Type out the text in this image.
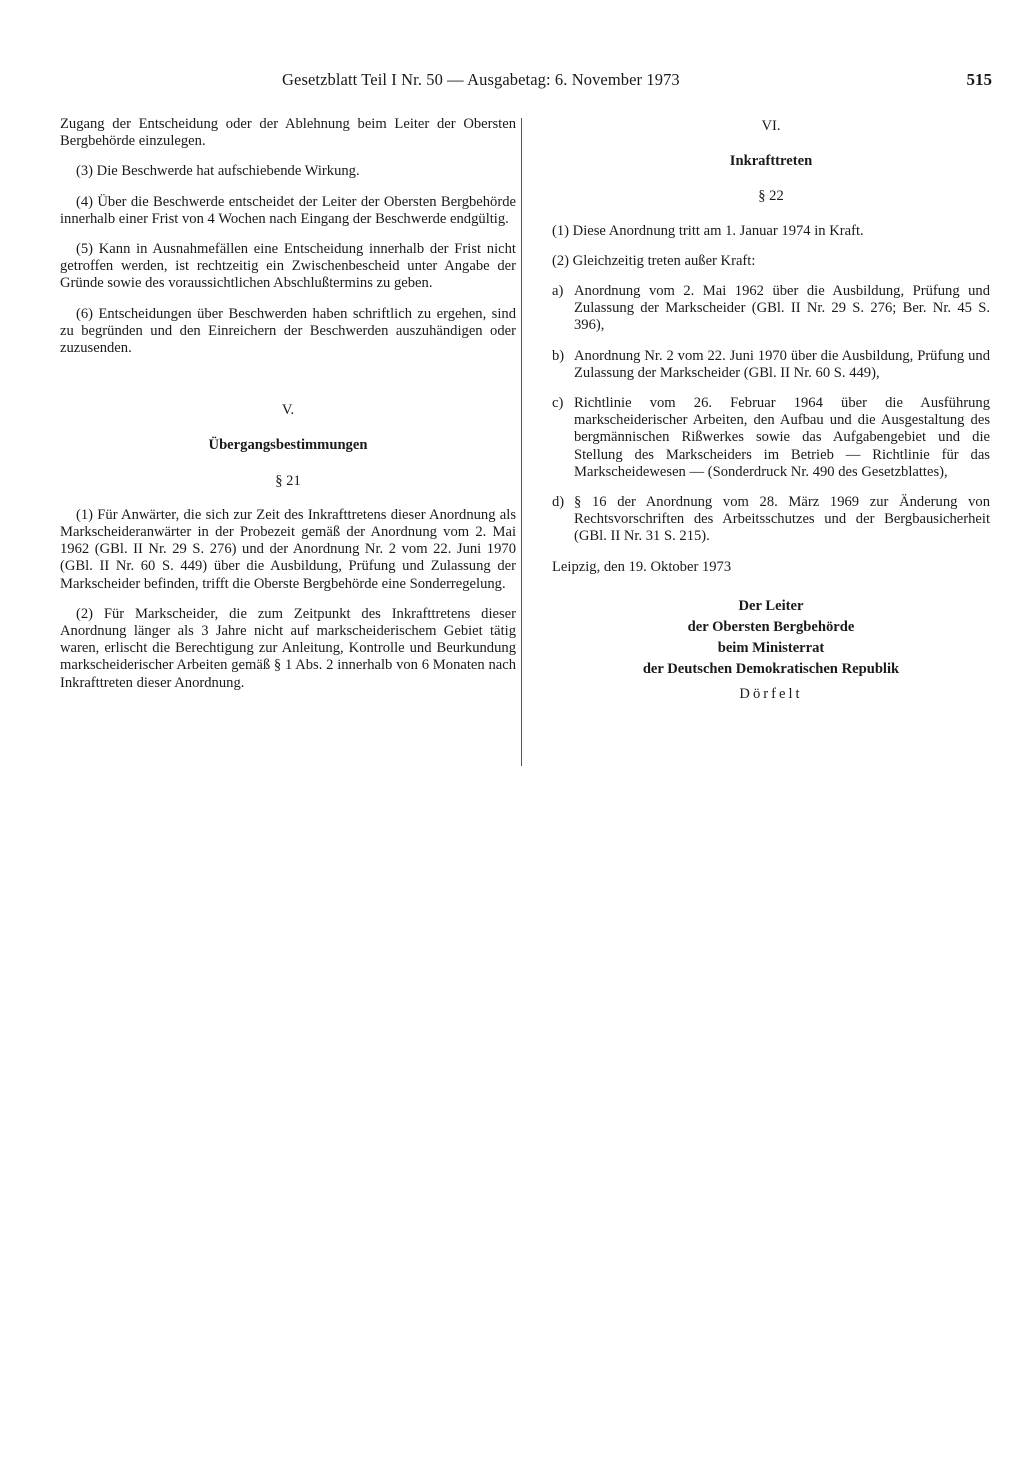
Gesetzblatt Teil I Nr. 50 — Ausgabetag: 6. November 1973	515

Zugang der Entscheidung oder der Ablehnung beim Leiter der Obersten Bergbehörde einzulegen.

(3) Die Beschwerde hat aufschiebende Wirkung.

(4) Über die Beschwerde entscheidet der Leiter der Obersten Bergbehörde innerhalb einer Frist von 4 Wochen nach Eingang der Beschwerde endgültig.

(5) Kann in Ausnahmefällen eine Entscheidung innerhalb der Frist nicht getroffen werden, ist rechtzeitig ein Zwischenbescheid unter Angabe der Gründe sowie des voraussichtlichen Abschlußtermins zu geben.

(6) Entscheidungen über Beschwerden haben schriftlich zu ergehen, sind zu begründen und den Einreichern der Beschwerden auszuhändigen oder zuzusenden.

V.

Übergangsbestimmungen

§ 21

(1) Für Anwärter, die sich zur Zeit des Inkrafttretens dieser Anordnung als Markscheideranwärter in der Probezeit gemäß der Anordnung vom 2. Mai 1962 (GBl. II Nr. 29 S. 276) und der Anordnung Nr. 2 vom 22. Juni 1970 (GBl. II Nr. 60 S. 449) über die Ausbildung, Prüfung und Zulassung der Markscheider befinden, trifft die Oberste Bergbehörde eine Sonderregelung.

(2) Für Markscheider, die zum Zeitpunkt des Inkrafttretens dieser Anordnung länger als 3 Jahre nicht auf markscheiderischem Gebiet tätig waren, erlischt die Berechtigung zur Anleitung, Kontrolle und Beurkundung markscheiderischer Arbeiten gemäß § 1 Abs. 2 innerhalb von 6 Monaten nach Inkrafttreten dieser Anordnung.

VI.

Inkrafttreten

§ 22

(1) Diese Anordnung tritt am 1. Januar 1974 in Kraft.

(2) Gleichzeitig treten außer Kraft:

a) Anordnung vom 2. Mai 1962 über die Ausbildung, Prüfung und Zulassung der Markscheider (GBl. II Nr. 29 S. 276; Ber. Nr. 45 S. 396),
b) Anordnung Nr. 2 vom 22. Juni 1970 über die Ausbildung, Prüfung und Zulassung der Markscheider (GBl. II Nr. 60 S. 449),
c) Richtlinie vom 26. Februar 1964 über die Ausführung markscheiderischer Arbeiten, den Aufbau und die Ausgestaltung des bergmännischen Rißwerkes sowie das Aufgabengebiet und die Stellung des Markscheiders im Betrieb — Richtlinie für das Markscheidewesen — (Sonderdruck Nr. 490 des Gesetzblattes),
d) § 16 der Anordnung vom 28. März 1969 zur Änderung von Rechtsvorschriften des Arbeitsschutzes und der Bergbausicherheit (GBl. II Nr. 31 S. 215).

Leipzig, den 19. Oktober 1973

Der Leiter

der Obersten Bergbehörde

beim Ministerrat

der Deutschen Demokratischen Republik

Dörfelt
